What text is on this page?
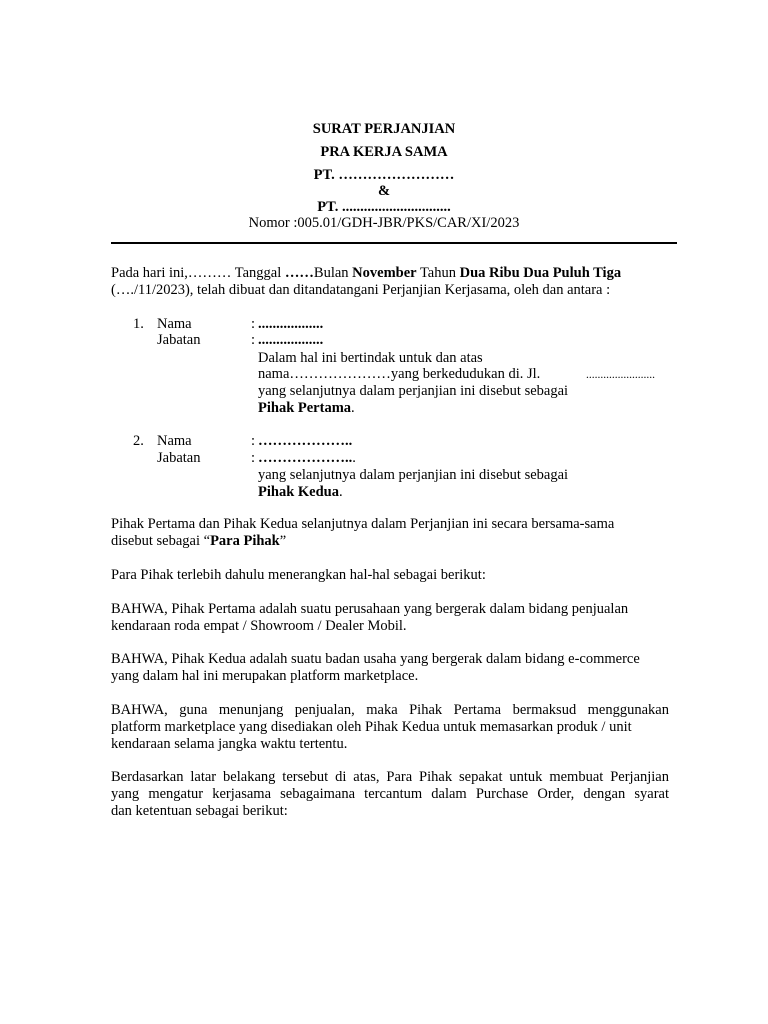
SURAT PERJANJIAN
PRA KERJA SAMA
PT. ……………………
&
PT. ..............................
Nomor :005.01/GDH-JBR/PKS/CAR/XI/2023
Pada hari ini,……… Tanggal ……Bulan November Tahun Dua Ribu Dua Puluh Tiga
(…./11/2023), telah dibuat dan ditandatangani Perjanjian Kerjasama, oleh dan antara :
1. Nama	: ..................
Jabatan	: ..................
Dalam hal ini bertindak untuk dan atas
nama…………………yang berkedudukan di. Jl.	........................
yang selanjutnya dalam perjanjian ini disebut sebagai
Pihak Pertama.
2. Nama	: ………………..
Jabatan	: ………………...
yang selanjutnya dalam perjanjian ini disebut sebagai
Pihak Kedua.
Pihak Pertama dan Pihak Kedua selanjutnya dalam Perjanjian ini secara bersama-sama
disebut sebagai “Para Pihak”
Para Pihak terlebih dahulu menerangkan hal-hal sebagai berikut:
BAHWA, Pihak Pertama adalah suatu perusahaan yang bergerak dalam bidang penjualan
kendaraan roda empat / Showroom / Dealer Mobil.
BAHWA, Pihak Kedua adalah suatu badan usaha yang bergerak dalam bidang e-commerce
yang dalam hal ini merupakan platform marketplace.
BAHWA, guna menunjang penjualan, maka Pihak Pertama bermaksud menggunakan
platform marketplace yang disediakan oleh Pihak Kedua untuk memasarkan produk / unit
kendaraan selama jangka waktu tertentu.
Berdasarkan latar belakang tersebut di atas, Para Pihak sepakat untuk membuat Perjanjian
yang mengatur kerjasama sebagaimana tercantum dalam Purchase Order, dengan syarat
dan ketentuan sebagai berikut:
